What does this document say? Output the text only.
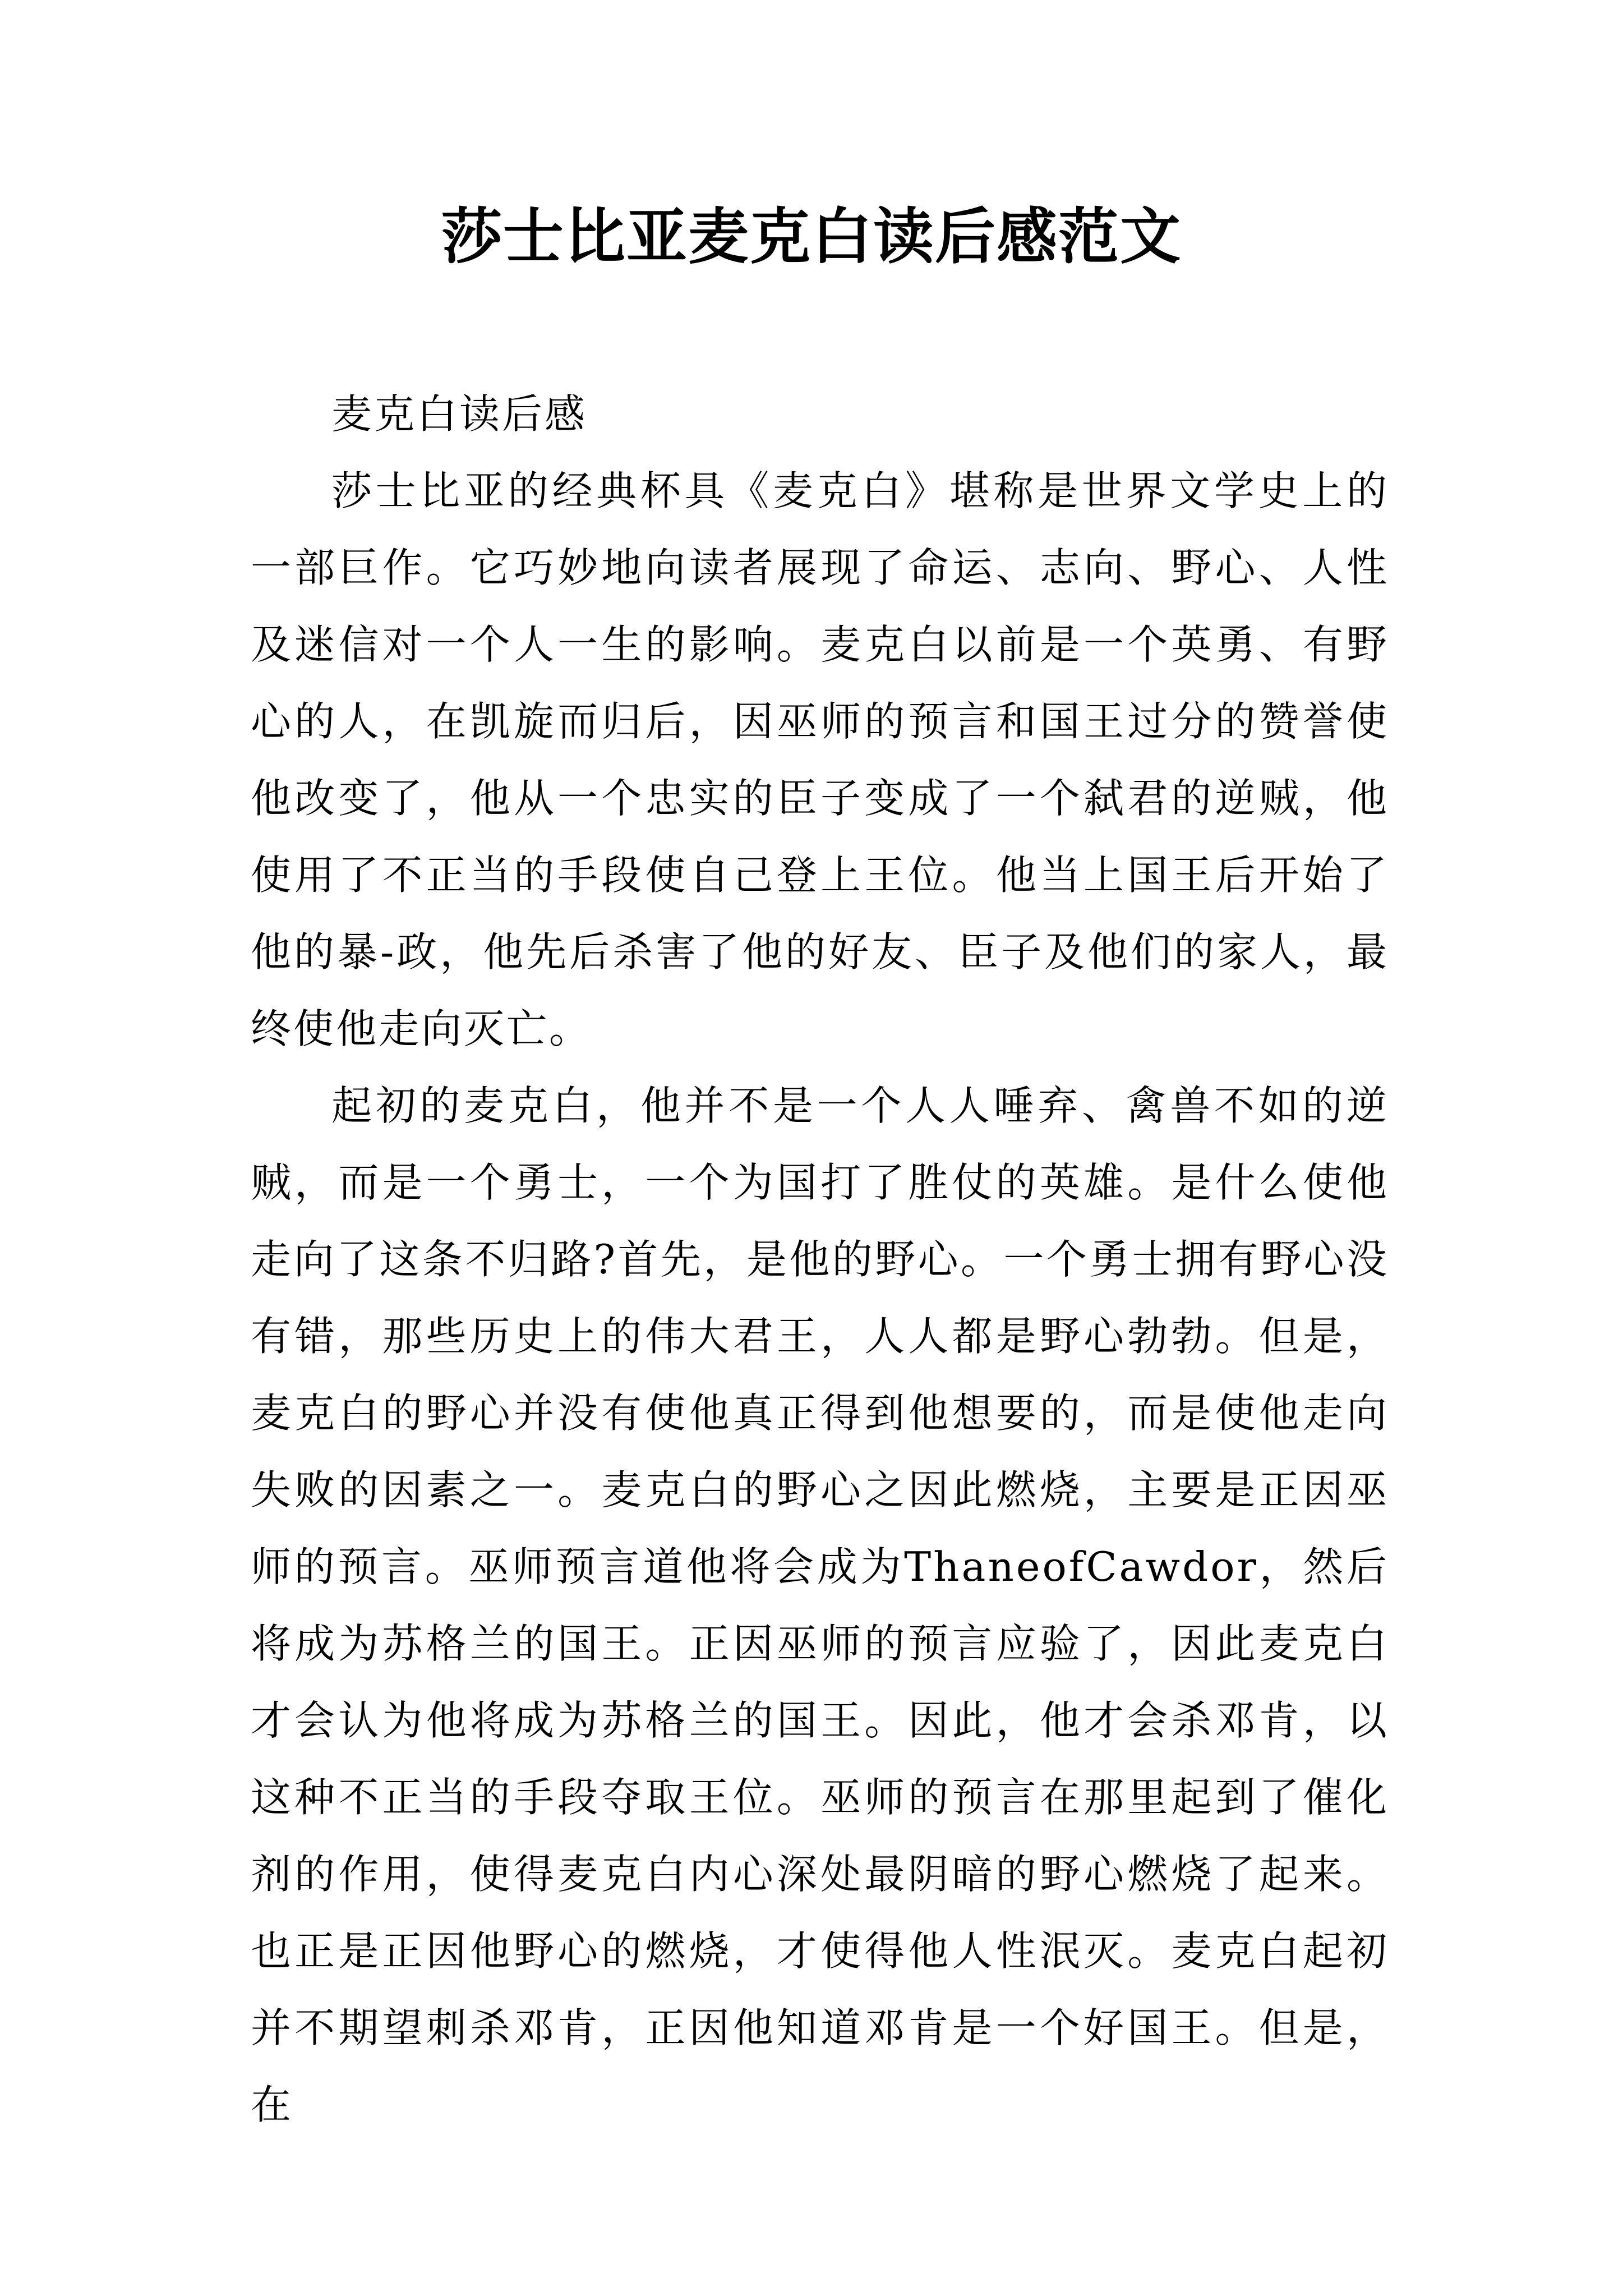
莎士比亚麦克白读后感范文

麦克白读后感

莎士比亚的经典杯具《麦克白》堪称是世界文学史上的一部巨作。它巧妙地向读者展现了命运、志向、野心、人性及迷信对一个人一生的影响。麦克白以前是一个英勇、有野心的人，在凯旋而归后，因巫师的预言和国王过分的赞誉使他改变了，他从一个忠实的臣子变成了一个弑君的逆贼，他使用了不正当的手段使自己登上王位。他当上国王后开始了他的暴-政，他先后杀害了他的好友、臣子及他们的家人，最终使他走向灭亡。

起初的麦克白，他并不是一个人人唾弃、禽兽不如的逆贼，而是一个勇士，一个为国打了胜仗的英雄。是什么使他走向了这条不归路?首先，是他的野心。一个勇士拥有野心没有错，那些历史上的伟大君王，人人都是野心勃勃。但是，麦克白的野心并没有使他真正得到他想要的，而是使他走向失败的因素之一。麦克白的野心之因此燃烧，主要是正因巫师的预言。巫师预言道他将会成为ThaneofCawdor，然后将成为苏格兰的国王。正因巫师的预言应验了，因此麦克白才会认为他将成为苏格兰的国王。因此，他才会杀邓肯，以这种不正当的手段夺取王位。巫师的预言在那里起到了催化剂的作用，使得麦克白内心深处最阴暗的野心燃烧了起来。也正是正因他野心的燃烧，才使得他人性泯灭。麦克白起初并不期望刺杀邓肯，正因他知道邓肯是一个好国王。但是，在
